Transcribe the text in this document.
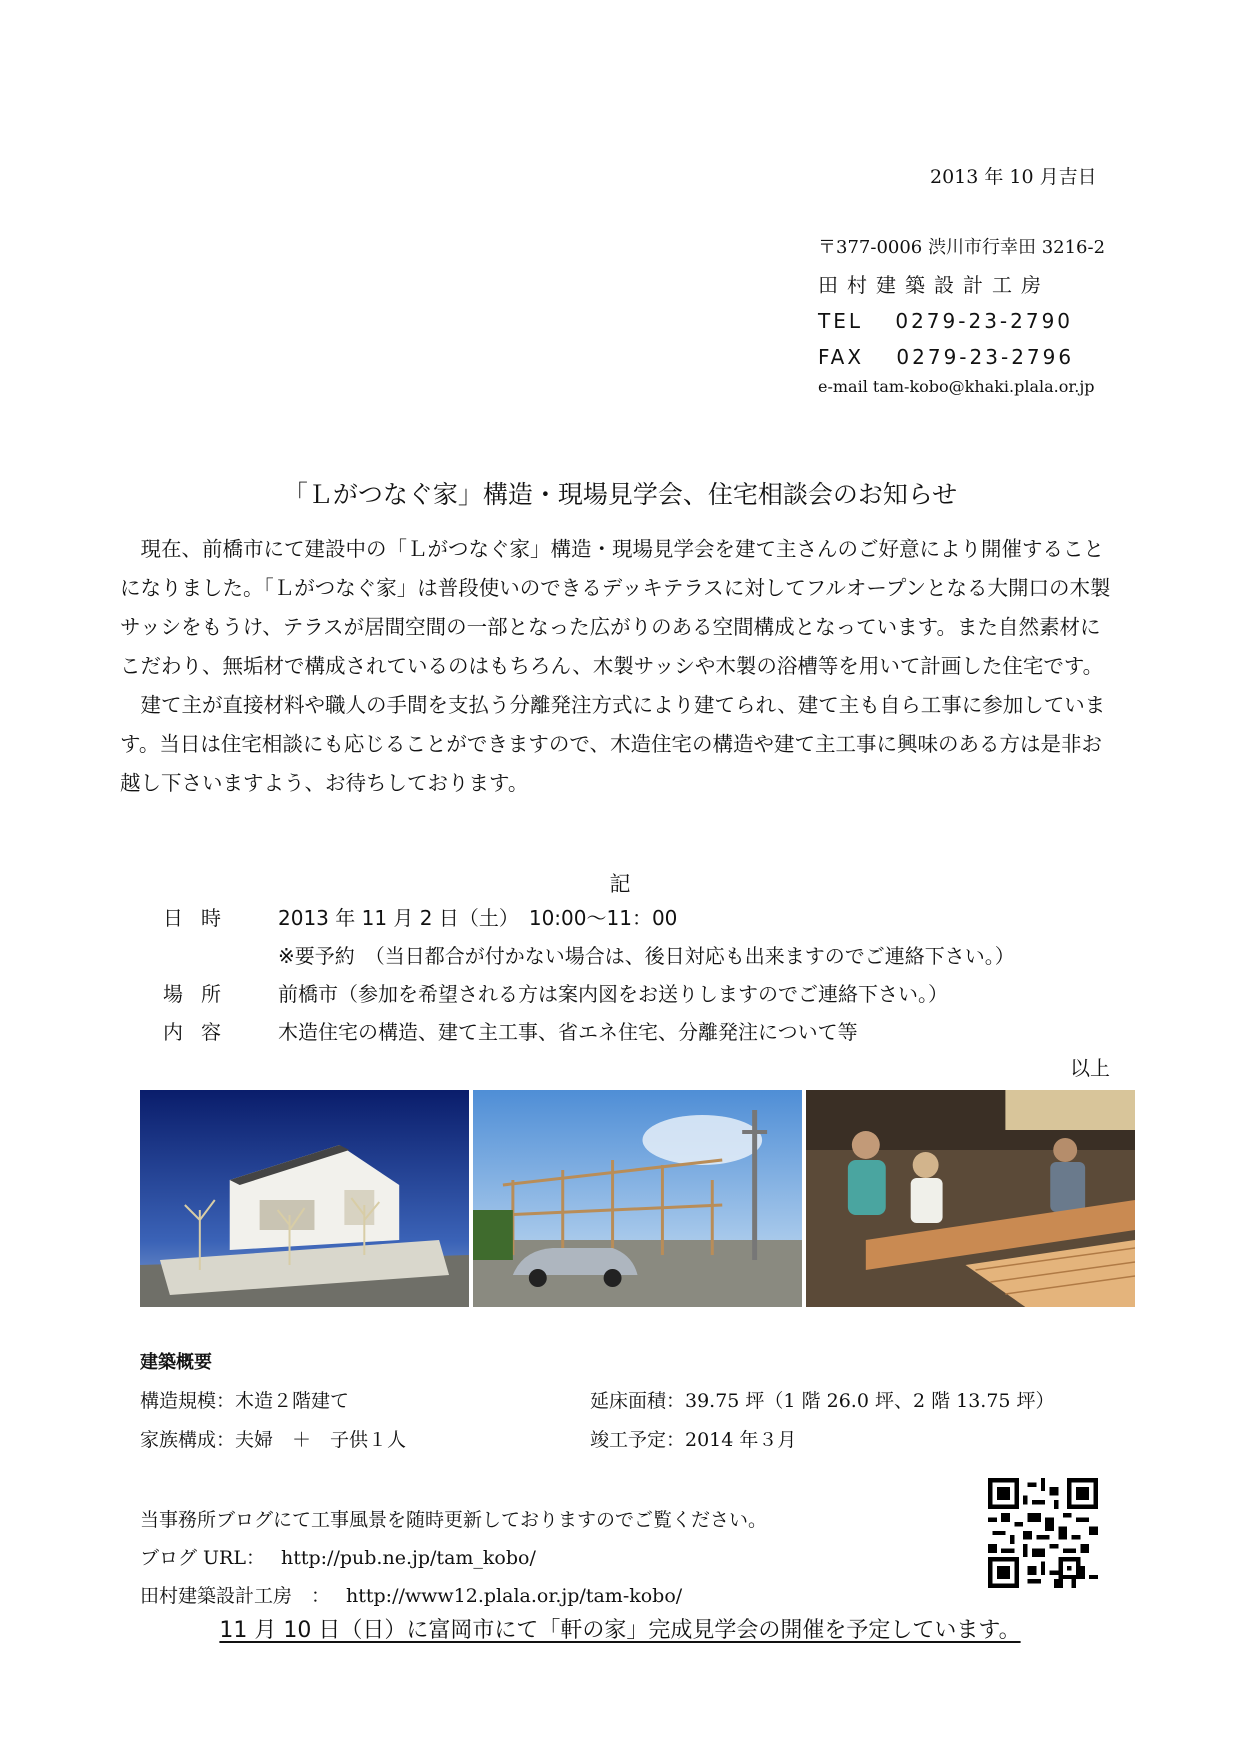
2013 年 10 月吉日
〒377-0006 渋川市行幸田 3216-2
田村建築設計工房
TEL　 0279-23-2790
FAX　 0279-23-2796
e-mail tam-kobo@khaki.plala.or.jp
「Ｌがつなぐ家」構造・現場見学会、住宅相談会のお知らせ

現在、前橋市にて建設中の「Ｌがつなぐ家」構造・現場見学会を建て主さんのご好意により開催することになりました。「Ｌがつなぐ家」は普段使いのできるデッキテラスに対してフルオープンとなる大開口の木製サッシをもうけ、テラスが居間空間の一部となった広がりのある空間構成となっています。また自然素材にこだわり、無垢材で構成されているのはもちろん、木製サッシや木製の浴槽等を用いて計画した住宅です。

建て主が直接材料や職人の手間を支払う分離発注方式により建てられ、建て主も自ら工事に参加しています。当日は住宅相談にも応じることができますので、木造住宅の構造や建て主工事に興味のある方は是非お越し下さいますよう、お待ちしております。

記
日時 2013 年 11 月 2 日（土）　10:00～11：00
※要予約　（当日都合が付かない場合は、後日対応も出来ますのでご連絡下さい。）
場所 前橋市（参加を希望される方は案内図をお送りしますのでご連絡下さい。）
内容 木造住宅の構造、建て主工事、省エネ住宅、分離発注について等
以上
建築概要
構造規模：木造２階建て	延床面積：39.75 坪（1 階 26.0 坪、2 階 13.75 坪）
家族構成：夫婦　＋　子供１人	竣工予定：2014 年３月
当事務所ブログにて工事風景を随時更新しておりますのでご覧ください。
ブログ URL： http://pub.ne.jp/tam_kobo/
田村建築設計工房　： http://www12.plala.or.jp/tam-kobo/
11 月 10 日（日）に富岡市にて「軒の家」完成見学会の開催を予定しています。
